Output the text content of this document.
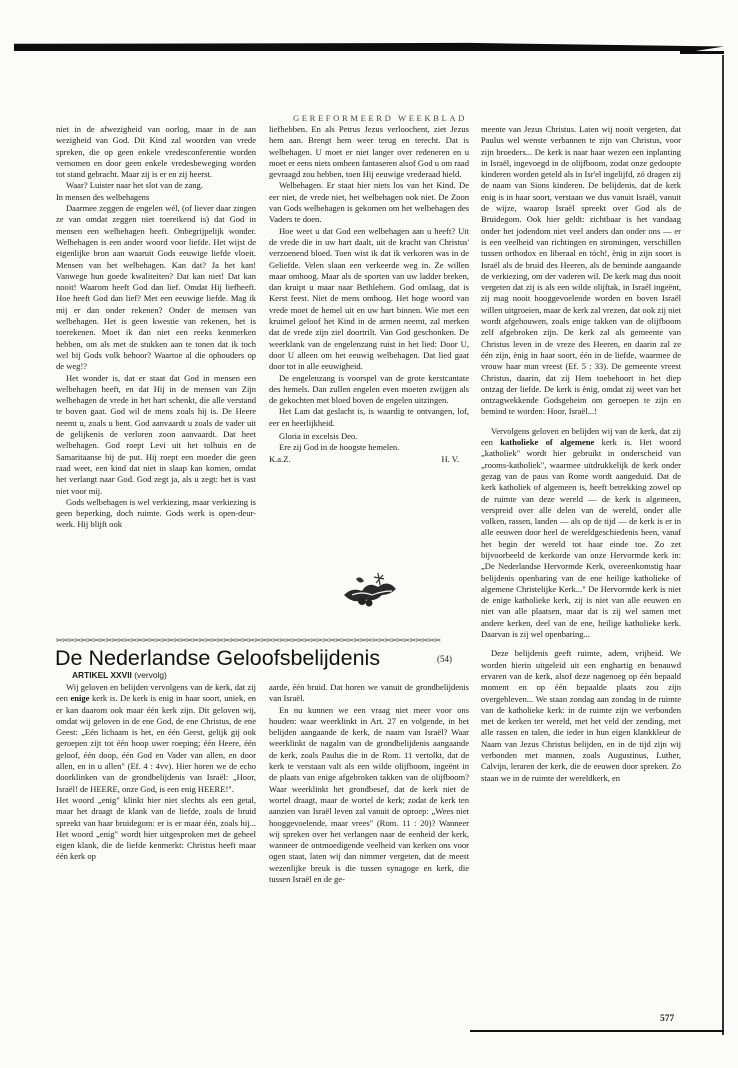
GEREFORMEERD WEEKBLAD

niet in de afwezigheid van oorlog, maar in de aan wezigheid van God. Dit Kind zal woorden van vrede spreken, die op geen enkele vredesconferentie worden vernomen en door geen enkele vredesbeweging worden tot stand gebracht. Maar zij is er en zij heerst.

Waar? Luister naar het slot van de zang.

In mensen des welbehagens

Daarmee zeggen de engelen wél, (of liever daar zingen ze van omdat zeggen niet toereikend is) dat God in mensen een welbehagen heeft. Onbegrijpelijk wonder. Welbehagen is een ander woord voor liefde. Het wijst de eigenlijke bron aan waaruit Gods eeuwige liefde vloeit. Mensen van het welbehagen. Kan dat? Ja het kan! Vanwege hun goede kwaliteiten? Dat kan niet! Dat kan nooit! Waarom heeft God dan lief. Omdat Hij liefheeft. Hoe heeft God dan lief? Met een eeuwige liefde. Mag ik mij er dan onder rekenen? Onder de mensen van welbehagen. Het is geen kwestie van rekenen, het is toerekenen. Moet ik dan niet een reeks kenmerken hebben, om als met de stukken aan te tonen dat ik toch wel bij Gods volk behoor? Waartoe al die ophouders op de weg!?

Het wonder is, dat er staat dat God in mensen een welbehagen heeft, en dat Hij in de mensen van Zijn welbehagen de vrede in het hart schenkt, die alle verstand te boven gaat. God wil de mens zoals hij is. De Heere neemt u, zoals u bent. God aanvaardt u zoals de vader uit de gelijkenis de verloren zoon aanvaardt. Dat heet welbehagen. God roept Levi uit het tolhuis en de Samaritaanse bij de put. Hij roept een moeder die geen raad weet, een kind dat niet in slaap kan komen, omdat het verlangt naar God. God zegt ja, als u zegt: het is vast niet voor mij.

Gods welbehagen is wel verkiezing, maar verkiezing is geen beperking, doch ruimte. Gods werk is open-deur-werk. Hij blijft ook

liefhebben. En als Petrus Jezus verloochent, ziet Jezus hem aan. Brengt hem weer terug en terecht. Dat is welbehagen. U moet er niet langer over redeneren en u moet er eens niets omheen fantaseren alsof God u om raad gevraagd zou hebben, toen Hij eeuwige vrederaad hield.

Welbehagen. Er staat hier niets los van het Kind. De eer niet, de vrede niet, het welbehagen ook niet. De Zoon van Gods welbehagen is gekomen om het welbehagen des Vaders te doen.

Hoe weet u dat God een welbehagen aan u heeft? Uit de vrede die in uw hart daalt, uit de kracht van Christus' verzoenend bloed. Toen wist ik dat ik verkoren was in de Geliefde. Velen slaan een verkeerde weg in. Ze willen maar omhoog. Maar als de sporten van uw ladder breken, dan kruipt u maar naar Bethlehem. God omlaag, dat is Kerst feest. Niet de mens omhoog. Het hoge woord van vrede moet de hemel uit en uw hart binnen. Wie met een kruimel geloof het Kind in de armen neemt, zal merken dat de vrede zijn ziel doortrilt. Van God geschonken. De weerklank van de engelenzang ruist in het lied: Door U, door U alleen om het eeuwig welbehagen. Dat lied gaat door tot in alle eeuwigheid.

De engelenzang is voorspel van de grote kerstcantate des hemels. Dan zullen engelen even moeten zwijgen als de gekochten met bloed boven de engelen uitzingen.

Het Lam dat geslacht is, is waardig te ontvangen, lof, eer en heerlijkheid.

Gloria in excelsis Deo.

Ere zij God in de hoogste hemelen.

K.a.Z.	H. V.

meente van Jezus Christus. Laten wij nooit vergeten, dat Paulus wel wenste verbannen te zijn van Christus, voor zijn broeders... De kerk is naar haar wezen een inplanting in Israël, ingevoegd in de olijfboom, zodat onze gedoopte kinderen worden geteld als in Isr'el ingelijfd, zó dragen zij de naam van Sions kinderen. De belijdenis, dat de kerk enig is in haar soort, verstaan we dus vanuit Israël, vanuit de wijze, waarop Israël spreekt over God als de Bruidegom. Ook hier geldt: zichtbaar is het vandaag onder het jodendom niet veel anders dan onder ons — er is een veelheid van richtingen en stromingen, verschillen tussen orthodox en liberaal en tóch!, ènig in zijn soort is Israël als de bruid des Heeren, als de beminde aangaande de verkiezing, om der vaderen wil. De kerk mag dus nooit vergeten dat zij is als een wilde olijftak, in Israël ingeënt, zij mag nooit hooggevoelende worden en boven Israël willen uitgroeien, maar de kerk zal vrezen, dat ook zij niet wordt afgehouwen, zoals enige takken van de olijfboom zelf afgebroken zijn. De kerk zal als gemeente van Christus leven in de vreze des Heeren, en daarin zal ze één zijn, ènig in haar soort, één in de liefde, waarmee de vrouw haar man vreest (Ef. 5 : 33). De gemeente vreest Christus, daarin, dat zij Hem toebehoort in het diep ontzag der liefde. De kerk is ènig, omdat zij weet van het ontzagwekkende Godsgeheim om geroepen te zijn en bemind te worden: Hoor, Israël...!

Vervolgens geloven en belijden wij van de kerk, dat zij een katholieke of algemene kerk is. Het woord „katholiek" wordt hier gebruikt in onderscheid van „rooms-katholiek", waarmee uitdrukkelijk de kerk onder gezag van de paus van Rome wordt aangeduid. Dat de kerk katholiek of algemeen is, heeft betrekking zowel op de ruimte van deze wereld — de kerk is algemeen, verspreid over alle delen van de wereld, onder alle volken, rassen, landen — als op de tijd — de kerk is er in alle eeuwen door heel de wereldgeschiedenis heen, vanaf het begin der wereld tot haar einde toe. Zo zet bijvoorbeeld de kerkorde van onze Hervormde kerk in: „De Nederlandse Hervormde Kerk, overeenkomstig haar belijdenis openbaring van de ene heilige katholieke of algemene Christelijke Kerk..." De Hervormde kerk is niet de enige katholieke kerk, zij is niet van alle eeuwen en niet van alle plaatsen, maar dat is zij wel samen met andere kerken, deel van de ene, heilige katholieke kerk. Daarvan is zij wel openbaring...

Deze belijdenis geeft ruimte, adem, vrijheid. We worden hierin uitgeleid uit een enghartig en benauwd ervaren van de kerk, alsof deze nagenoeg op één bepaald moment en op één bepaalde plaats zou zijn overgebleven... We staan zondag aan zondag in de ruimte van de katholieke kerk: in de ruimte zijn we verbonden met de kerken ter wereld, met het veld der zending, met alle rassen en talen, die ieder in hun eigen klankkleur de Naam van Jezus Christus belijden, en in de tijd zijn wij verbonden met mannen, zoals Augustinus, Luther, Calvijn, leraren der kerk, die de eeuwen door spreken. Zo staan we in de ruimte der wereldkerk, en

✂︎✂︎✂︎✂︎✂︎✂︎✂︎✂︎✂︎✂︎✂︎✂︎✂︎✂︎✂︎✂︎✂︎✂︎✂︎✂︎✂︎✂︎✂︎✂︎✂︎✂︎✂︎✂︎✂︎✂︎✂︎✂︎✂︎✂︎✂︎✂︎✂︎✂︎✂︎✂︎✂︎✂︎✂︎✂︎✂︎✂︎✂︎✂︎✂︎✂︎✂︎✂︎✂︎✂︎✂︎✂︎✂︎✂︎✂︎✂︎✂︎✂︎
De Nederlandse Geloofsbelijdenis	(54)
ARTIKEL XXVII (vervolg)

Wij geloven en belijden vervolgens van de kerk, dat zij een enige kerk is. De kerk is enig in haar soort, uniek, en er kan daarom ook maar één kerk zijn. Dit geloven wij, omdat wij geloven in de ene God, de ene Christus, de ene Geest: „Eén lichaam is het, en één Geest, gelijk gij ook geroepen zijt tot één hoop uwer roeping; één Heere, één geloof, één doop, één God en Vader van allen, en door allen, en in u allen" (Ef. 4 : 4vv). Hier horen we de echo doorklinken van de grondbelijdenis van Israël: „Hoor, Israël! de HEERE, onze God, is een enig HEERE!".

Het woord „enig" klinkt hier niet slechts als een getal, maar het draagt de klank van de liefde, zoals de bruid spreekt van haar bruidegom: er is er maar één, zoals hij... Het woord „enig" wordt hier uitgesproken met de geheel eigen klank, die de liefde kenmerkt: Christus heeft maar één kerk op

aarde, één bruid. Dat horen we vanuit de grondbelijdenis van Israël.

En nu kunnen we een vraag niet meer voor ons houden: waar weerklinkt in Art. 27 en volgende, in het belijden aangaande de kerk, de naam van Israël? Waar weerklinkt de nagalm van de grondbelijdenis aangaande de kerk, zoals Paulus die in de Rom. 11 vertolkt, dat de kerk te verstaan valt als een wilde olijfboom, ingeënt in de plaats van enige afgebroken takken van de olijfboom? Waar weerklinkt het grondbesef, dat de kerk niet de wortel draagt, maar de wortel de kerk; zodat de kerk ten aanzien van Israël leven zal vanuit de oproep: „Wees niet hooggevoelende, maar vrees" (Rom. 11 : 20)? Wanneer wij spreken over het verlangen naar de eenheid der kerk, wanneer de ontmoedigende veelheid van kerken ons voor ogen staat, laten wij dan nimmer vergeten, dat de meest wezenlijke breuk is die tussen synagoge en kerk, die tussen Israël en de ge-

577
